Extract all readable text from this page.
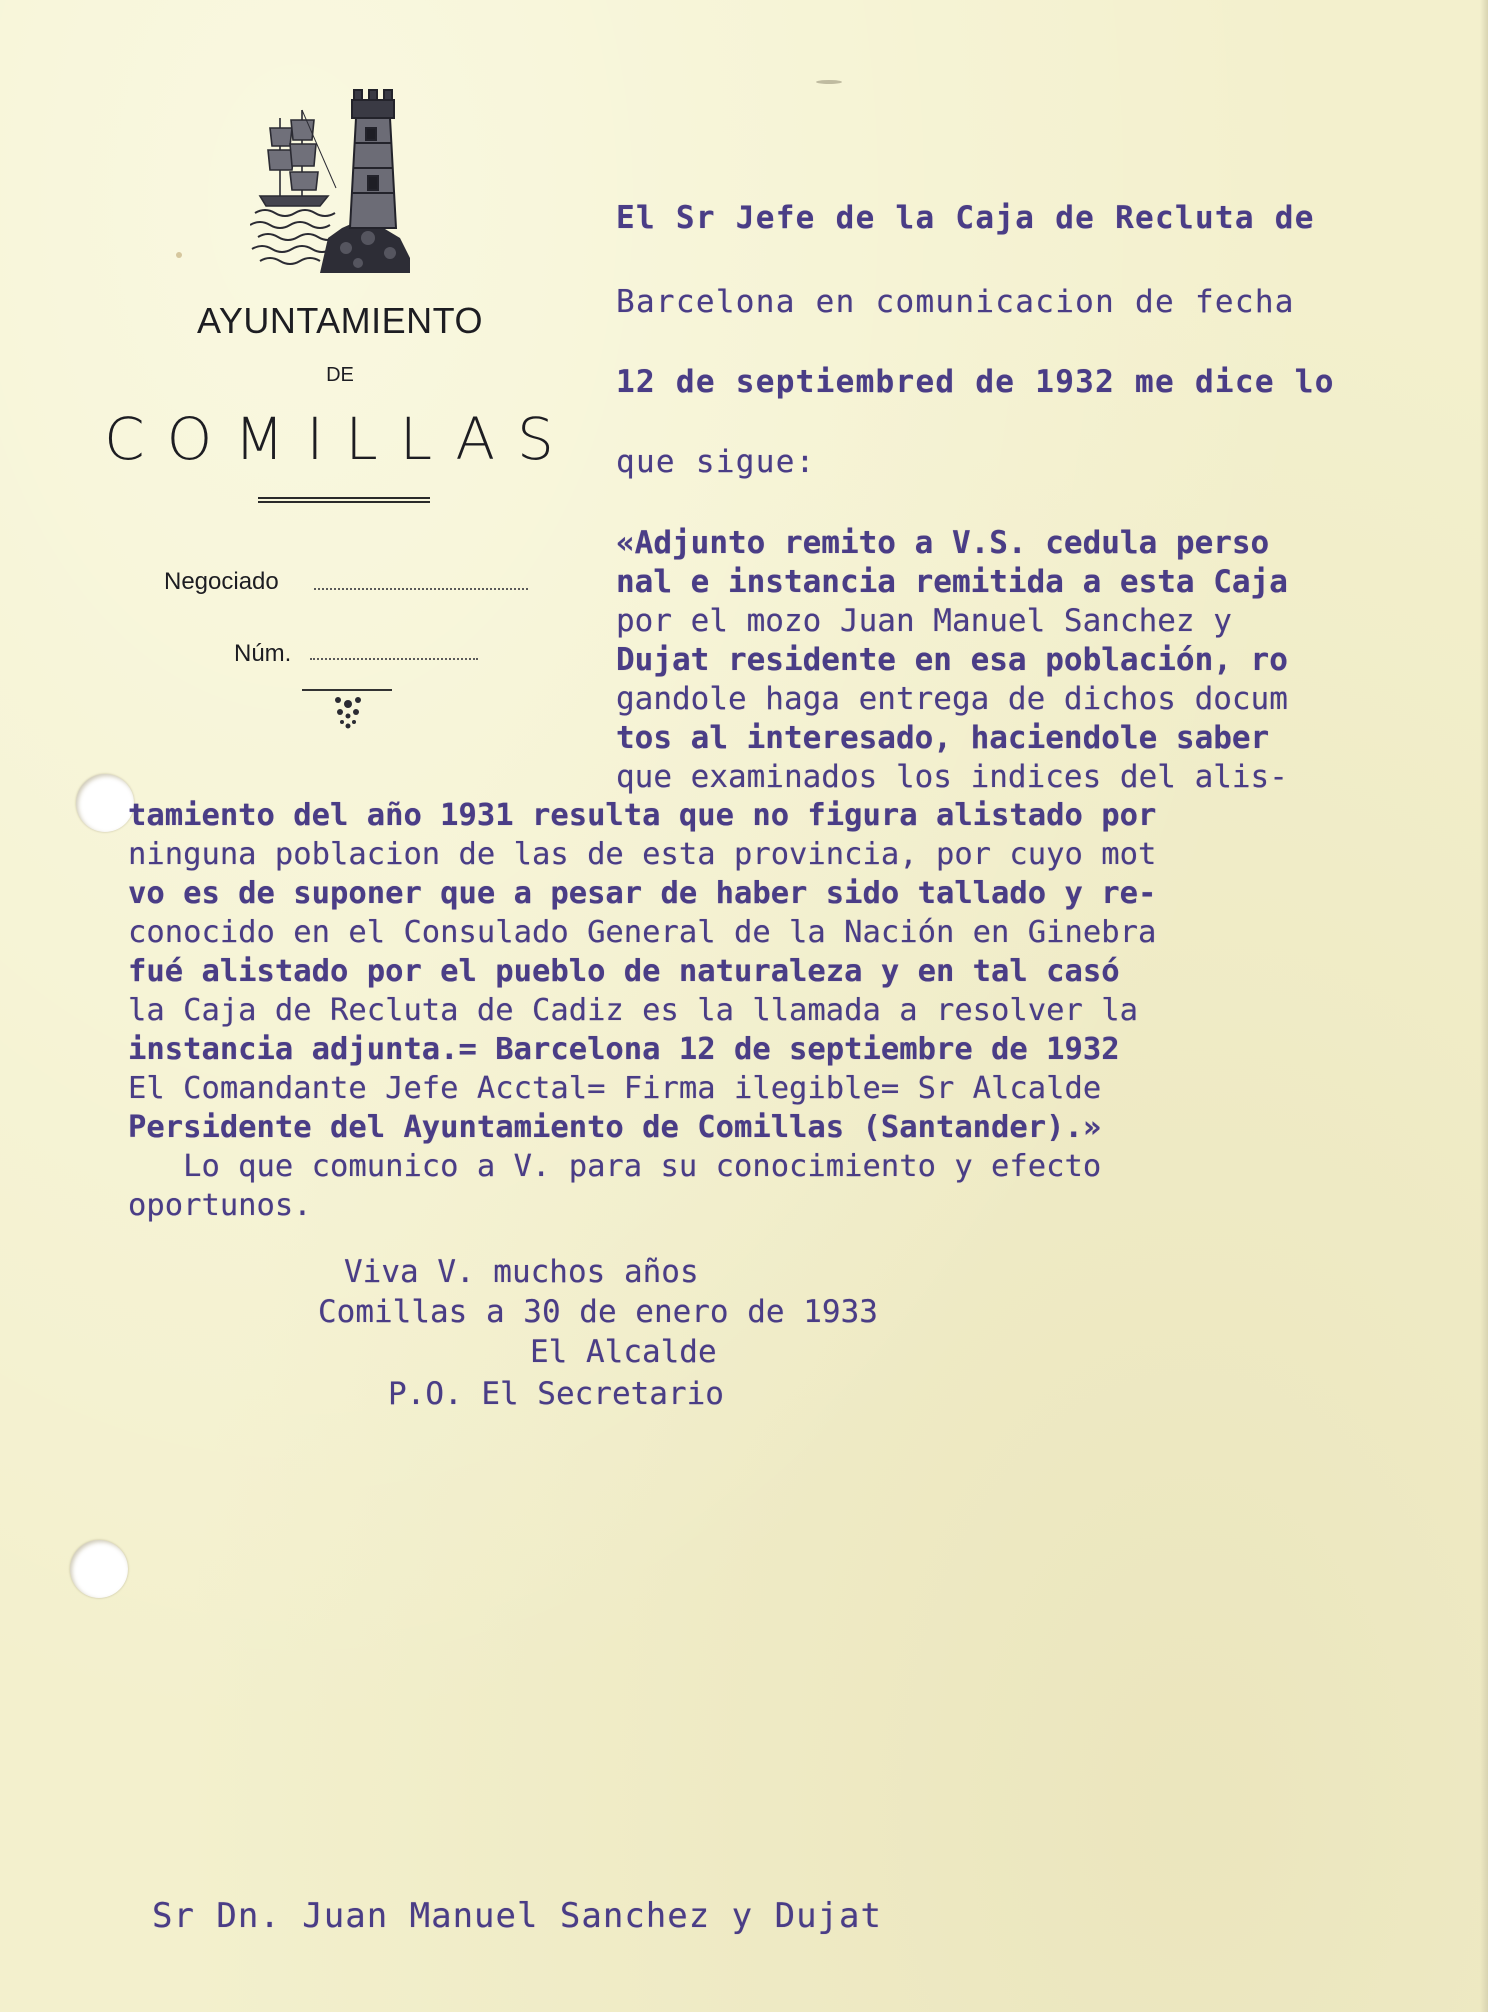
AYUNTAMIENTO
DE
COMILLAS
Negociado
Núm.
El Sr Jefe de la Caja de Recluta de
Barcelona en comunicacion de fecha
12 de septiembred de 1932 me dice lo
que sigue:
«Adjunto remito a V.S. cedula perso
nal e instancia remitida a esta Caja
por el mozo Juan Manuel Sanchez y
Dujat residente en esa población, ro
gandole haga entrega de dichos docum
tos al interesado, haciendole saber
que examinados los indices del alis-
tamiento del año 1931 resulta que no figura alistado por
ninguna poblacion de las de esta provincia, por cuyo mot
vo es de suponer que a pesar de haber sido tallado y re-
conocido en el Consulado General de la Nación en Ginebra
fué alistado por el pueblo de naturaleza y en tal casó
la Caja de Recluta de Cadiz es la llamada a resolver la
instancia adjunta.= Barcelona 12 de septiembre de 1932
El Comandante Jefe Acctal= Firma ilegible= Sr Alcalde
Persidente del Ayuntamiento de Comillas (Santander).»
Lo que comunico a V. para su conocimiento y efecto
oportunos.
Viva V. muchos años
Comillas a 30 de enero de 1933
El Alcalde
P.O. El Secretario
Sr Dn. Juan Manuel Sanchez y Dujat
